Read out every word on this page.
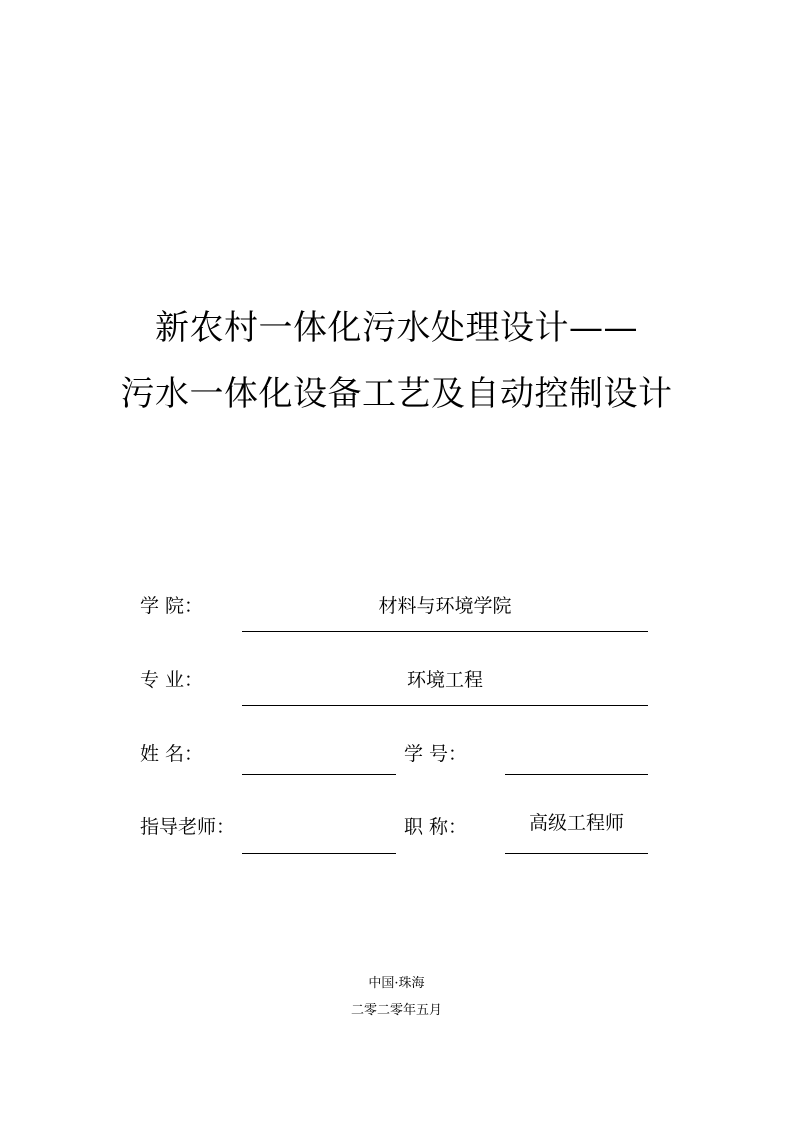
新农村一体化污水处理设计——
污水一体化设备工艺及自动控制设计
学 院：	材料与环境学院
专 业：	环境工程
姓 名：	学 号：
指导老师：	职 称：	高级工程师
中国·珠海
二零二零年五月
